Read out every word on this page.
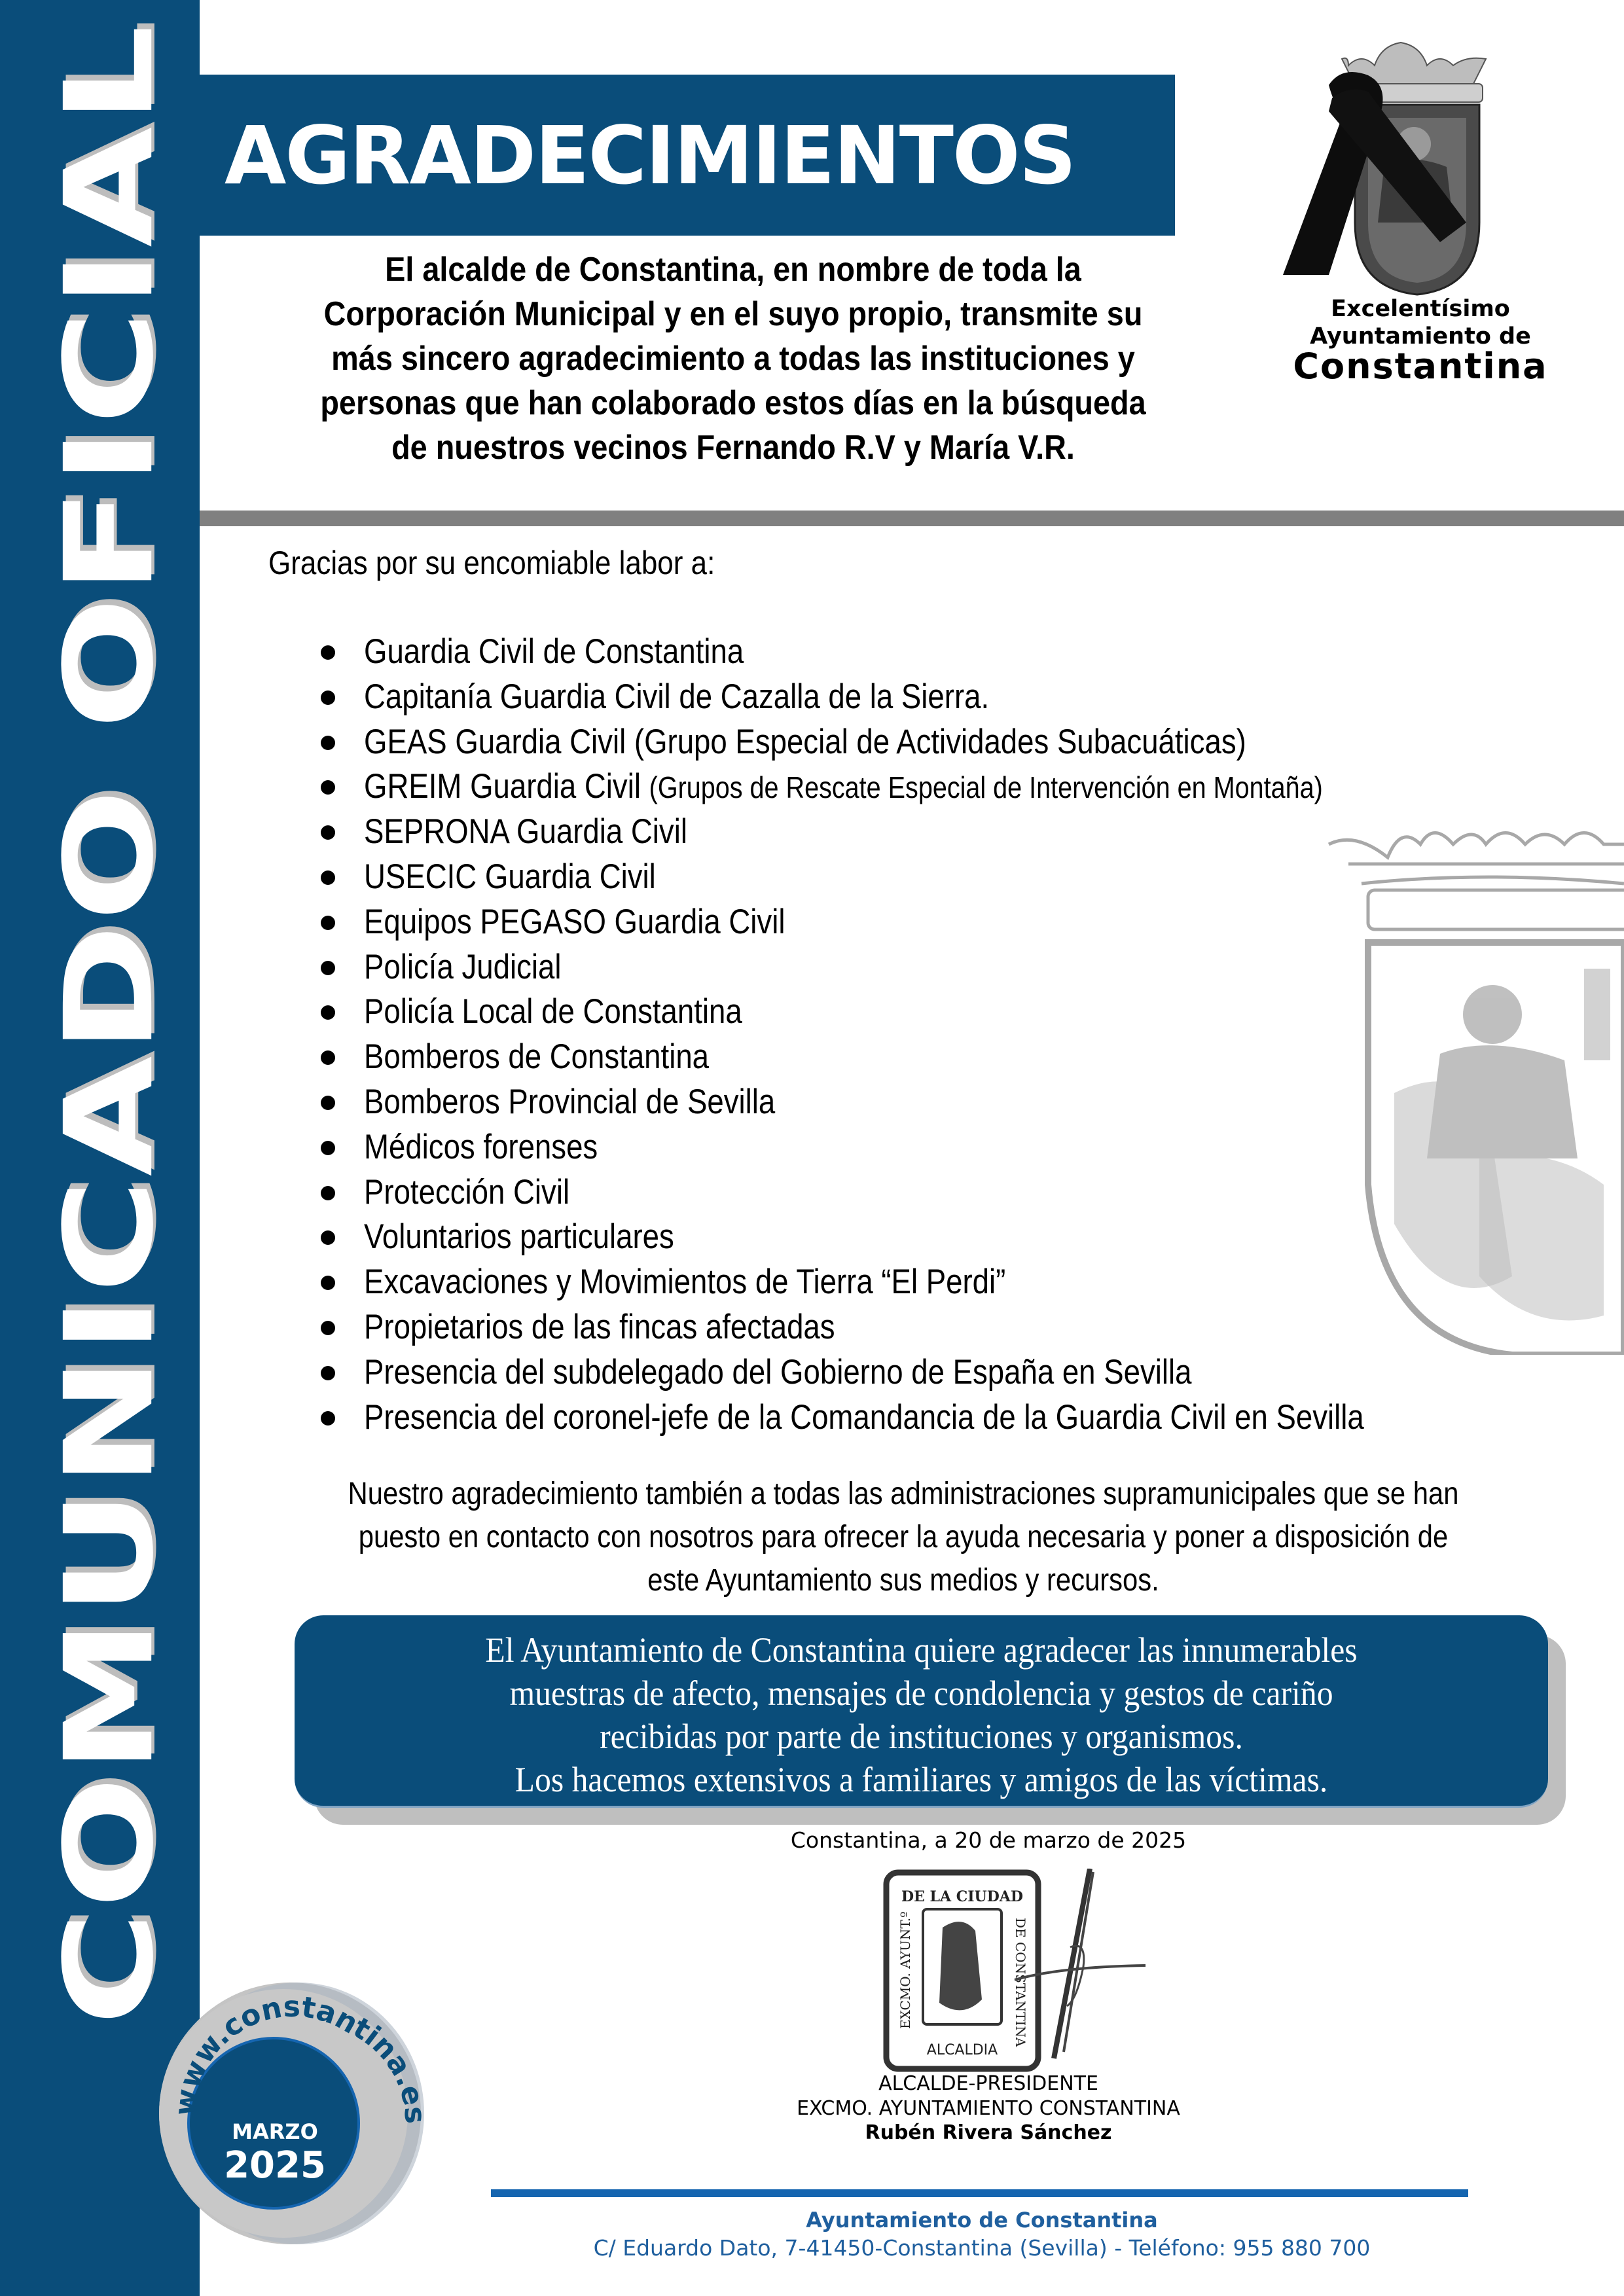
COMUNICADO OFICIAL AGRADECIMIENTOS
Excelentísimo
Ayuntamiento de
Constantina
El alcalde de Constantina, en nombre de toda la
Corporación Municipal y en el suyo propio, transmite su
más sincero agradecimiento a todas las instituciones y
personas que han colaborado estos días en la búsqueda
de nuestros vecinos Fernando R.V y María V.R.
Gracias por su encomiable labor a:
Guardia Civil de Constantina
Capitanía Guardia Civil de Cazalla de la Sierra.
GEAS Guardia Civil (Grupo Especial de Actividades Subacuáticas)
GREIM Guardia Civil (Grupos de Rescate Especial de Intervención en Montaña)
SEPRONA Guardia Civil
USECIC Guardia Civil
Equipos PEGASO Guardia Civil
Policía Judicial
Policía Local de Constantina
Bomberos de Constantina
Bomberos Provincial de Sevilla
Médicos forenses
Protección Civil
Voluntarios particulares
Excavaciones y Movimientos de Tierra “El Perdi”
Propietarios de las fincas afectadas
Presencia del subdelegado del Gobierno de España en Sevilla
Presencia del coronel-jefe de la Comandancia de la Guardia Civil en Sevilla
Nuestro agradecimiento también a todas las administraciones supramunicipales que se han
puesto en contacto con nosotros para ofrecer la ayuda necesaria y poner a disposición de
este Ayuntamiento sus medios y recursos.
El Ayuntamiento de Constantina quiere agradecer las innumerables
muestras de afecto, mensajes de condolencia y gestos de cariño
recibidas por parte de instituciones y organismos.
Los hacemos extensivos a familiares y amigos de las víctimas.
Constantina, a 20 de marzo de 2025
DE LA CIUDAD
ALCALDIA
EXCMO. AYUNT.º	DE CONSTANTINA
ALCALDE-PRESIDENTE
EXCMO. AYUNTAMIENTO CONSTANTINA
Rubén Rivera Sánchez
Ayuntamiento de Constantina
C/ Eduardo Dato, 7-41450-Constantina (Sevilla) - Teléfono: 955 880 700
www.constantina.es
MARZO
2025
